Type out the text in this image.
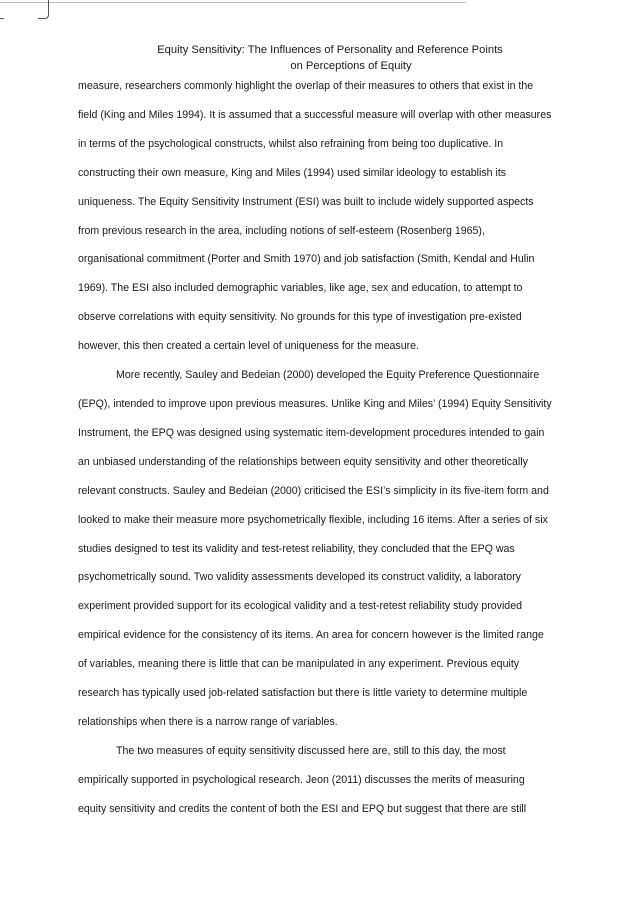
Equity Sensitivity: The Influences of Personality and Reference Points
on Perceptions of Equity

measure, researchers commonly highlight the overlap of their measures to others that exist in the
field (King and Miles 1994). It is assumed that a successful measure will overlap with other measures
in terms of the psychological constructs, whilst also refraining from being too duplicative. In
constructing their own measure, King and Miles (1994) used similar ideology to establish its
uniqueness. The Equity Sensitivity Instrument (ESI) was built to include widely supported aspects
from previous research in the area, including notions of self-esteem (Rosenberg 1965),
organisational commitment (Porter and Smith 1970) and job satisfaction (Smith, Kendal and Hulin
1969). The ESI also included demographic variables, like age, sex and education, to attempt to
observe correlations with equity sensitivity. No grounds for this type of investigation pre-existed
however, this then created a certain level of uniqueness for the measure.

More recently, Sauley and Bedeian (2000) developed the Equity Preference Questionnaire
(EPQ), intended to improve upon previous measures. Unlike King and Miles’ (1994) Equity Sensitivity
Instrument, the EPQ was designed using systematic item-development procedures intended to gain
an unbiased understanding of the relationships between equity sensitivity and other theoretically
relevant constructs. Sauley and Bedeian (2000) criticised the ESI’s simplicity in its five-item form and
looked to make their measure more psychometrically flexible, including 16 items. After a series of six
studies designed to test its validity and test-retest reliability, they concluded that the EPQ was
psychometrically sound. Two validity assessments developed its construct validity, a laboratory
experiment provided support for its ecological validity and a test-retest reliability study provided
empirical evidence for the consistency of its items. An area for concern however is the limited range
of variables, meaning there is little that can be manipulated in any experiment. Previous equity
research has typically used job-related satisfaction but there is little variety to determine multiple
relationships when there is a narrow range of variables.

The two measures of equity sensitivity discussed here are, still to this day, the most
empirically supported in psychological research. Jeon (2011) discusses the merits of measuring
equity sensitivity and credits the content of both the ESI and EPQ but suggest that there are still
